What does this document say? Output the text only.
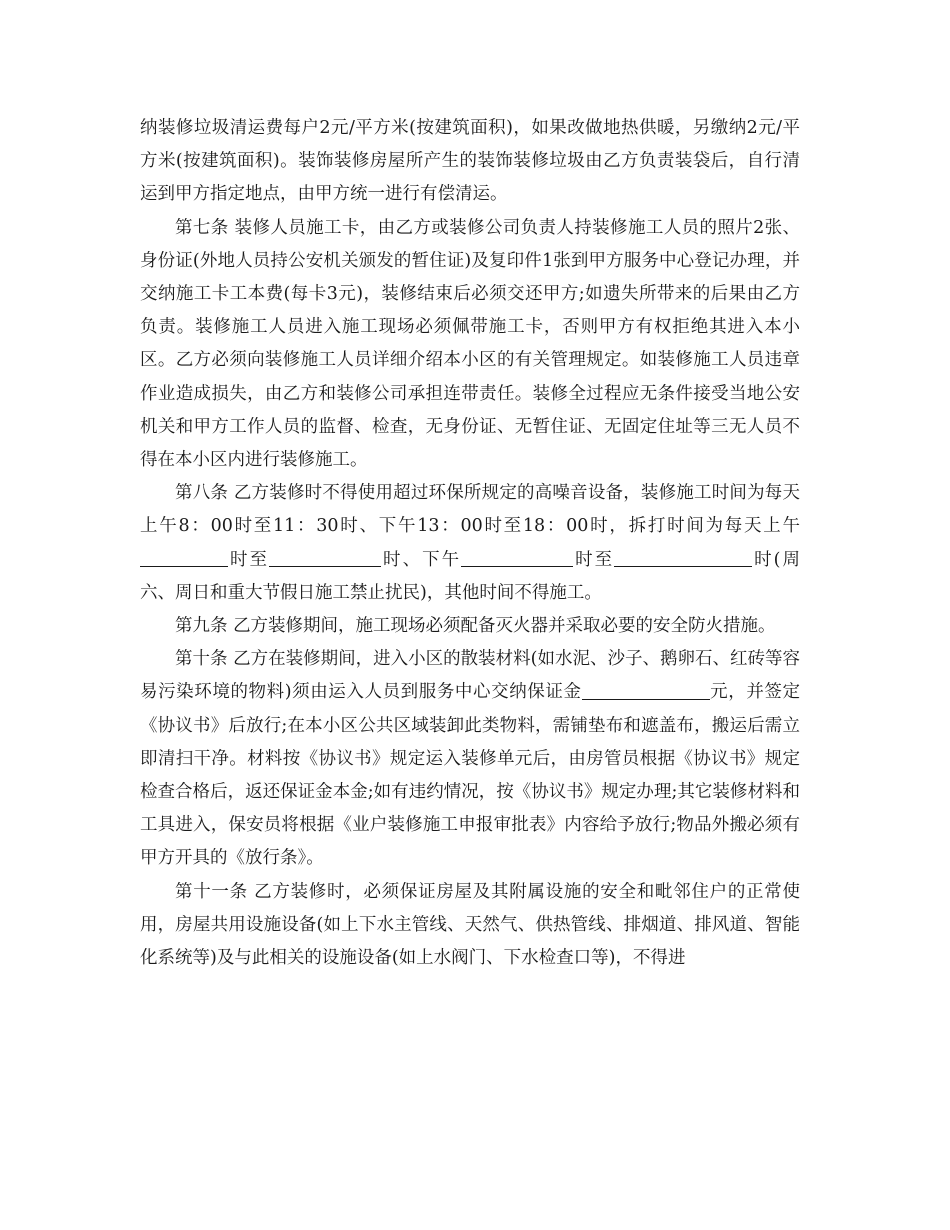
纳装修垃圾清运费每户2元/平方米(按建筑面积)，如果改做地热供暖，另缴纳2元/平方米(按建筑面积)。装饰装修房屋所产生的装饰装修垃圾由乙方负责装袋后，自行清运到甲方指定地点，由甲方统一进行有偿清运。

第七条 装修人员施工卡，由乙方或装修公司负责人持装修施工人员的照片2张、身份证(外地人员持公安机关颁发的暂住证)及复印件1张到甲方服务中心登记办理，并交纳施工卡工本费(每卡3元)，装修结束后必须交还甲方;如遗失所带来的后果由乙方负责。装修施工人员进入施工现场必须佩带施工卡，否则甲方有权拒绝其进入本小区。乙方必须向装修施工人员详细介绍本小区的有关管理规定。如装修施工人员违章作业造成损失，由乙方和装修公司承担连带责任。装修全过程应无条件接受当地公安机关和甲方工作人员的监督、检查，无身份证、无暂住证、无固定住址等三无人员不得在本小区内进行装修施工。

第八条 乙方装修时不得使用超过环保所规定的高噪音设备，装修施工时间为每天上午8：00时至11：30时、下午13：00时至18：00时，拆打时间为每天上午时至	时、下午	时至	时(周六、周日和重大节假日施工禁止扰民)，其他时间不得施工。

第九条 乙方装修期间，施工现场必须配备灭火器并采取必要的安全防火措施。

第十条 乙方在装修期间，进入小区的散装材料(如水泥、沙子、鹅卵石、红砖等容易污染环境的物料)须由运入人员到服务中心交纳保证金	元，并签定《协议书》后放行;在本小区公共区域装卸此类物料，需铺垫布和遮盖布，搬运后需立即清扫干净。材料按《协议书》规定运入装修单元后，由房管员根据《协议书》规定检查合格后，返还保证金本金;如有违约情况，按《协议书》规定办理;其它装修材料和工具进入，保安员将根据《业户装修施工申报审批表》内容给予放行;物品外搬必须有甲方开具的《放行条》。

第十一条 乙方装修时，必须保证房屋及其附属设施的安全和毗邻住户的正常使用，房屋共用设施设备(如上下水主管线、天然气、供热管线、排烟道、排风道、智能化系统等)及与此相关的设施设备(如上水阀门、下水检查口等)，不得进
